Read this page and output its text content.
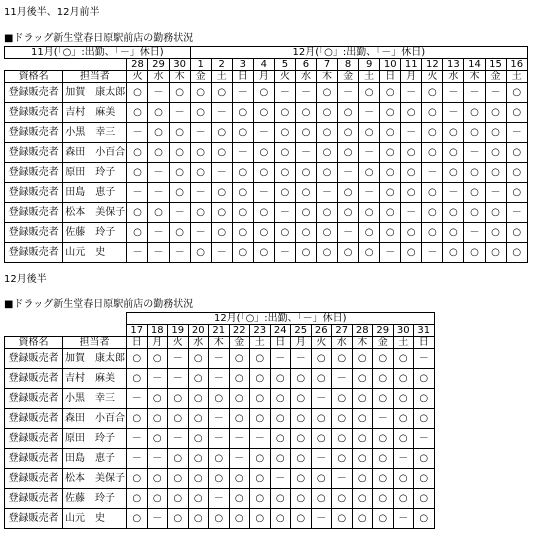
11月後半、12月前半
■ドラッグ新生堂春日原駅前店の勤務状況
11月(「○」:出勤、「－」休日)					12月(「○」:出勤、「－」休日)															
		28	29	30	1	2	3	4	5	6	7	8	9	10	11	12	13	14	15	16
資格名	担当者	火	水	木	金	土	日	月	火	水	木	金	土	日	月	火	水	木	金	土
登録販売者	加賀　康太郎	○	－	○	○	○	－	○	－	－	○	－	○	○	－	○	－	－	－	○
登録販売者	吉村　麻美	○	○	－	○	－	○	○	○	○	○	○	－	○	○	○	－	○	○	○
登録販売者	小黒　幸三	－	○	○	－	○	○	－	○	○	○	○	○	○	－	○	○	○	○	－
登録販売者	森田　小百合	○	○	○	○	○	－	○	○	－	○	○	－	○	○	○	○	－	○	○
登録販売者	原田　玲子	○	－	○	○	－	○	○	○	○	○	－	○	○	○	－	○	○	○	○
登録販売者	田島　恵子	－	－	○	－	○	○	－	○	○	－	○	－	○	○	○	－	○	－	○
登録販売者	松本　美保子	○	○	－	○	○	○	○	－	○	○	○	○	○	－	○	○	○	○	－
登録販売者	佐藤　玲子	○	－	○	－	○	○	○	○	○	○	－	○	○	○	○	○	－	○	○
登録販売者	山元　史	－	－	－	○	－	○	○	－	○	○	○	○	－	○	－	○	○	○	○
12月後半
■ドラッグ新生堂春日原駅前店の勤務状況
		12月(「○」:出勤、「－」休日)														
		17	18	19	20	21	22	23	24	25	26	27	28	29	30	31
資格名	担当者	日	月	火	水	木	金	土	日	月	火	水	木	金	土	日
登録販売者	加賀　康太郎	○	○	－	○	－	○	○	－	－	○	○	○	○	○	－
登録販売者	吉村　麻美	○	－	－	○	－	○	○	○	○	○	－	○	○	○	○
登録販売者	小黒　幸三	－	○	○	○	○	○	○	○	○	－	○	○	○	○	○
登録販売者	森田　小百合	○	○	○	○	－	○	○	○	○	○	○	○	－	○	○
登録販売者	原田　玲子	－	○	－	○	－	－	－	○	○	○	○	○	○	○	－
登録販売者	田島　恵子	－	－	○	○	○	－	○	○	○	－	○	○	○	－	○
登録販売者	松本　美保子	○	○	○	○	○	○	○	－	○	○	－	○	○	○	○
登録販売者	佐藤　玲子	○	○	○	○	－	○	○	○	○	○	○	○	○	○	○
登録販売者	山元　史	○	－	○	○	○	○	○	○	○	－	○	○	○	－	○
